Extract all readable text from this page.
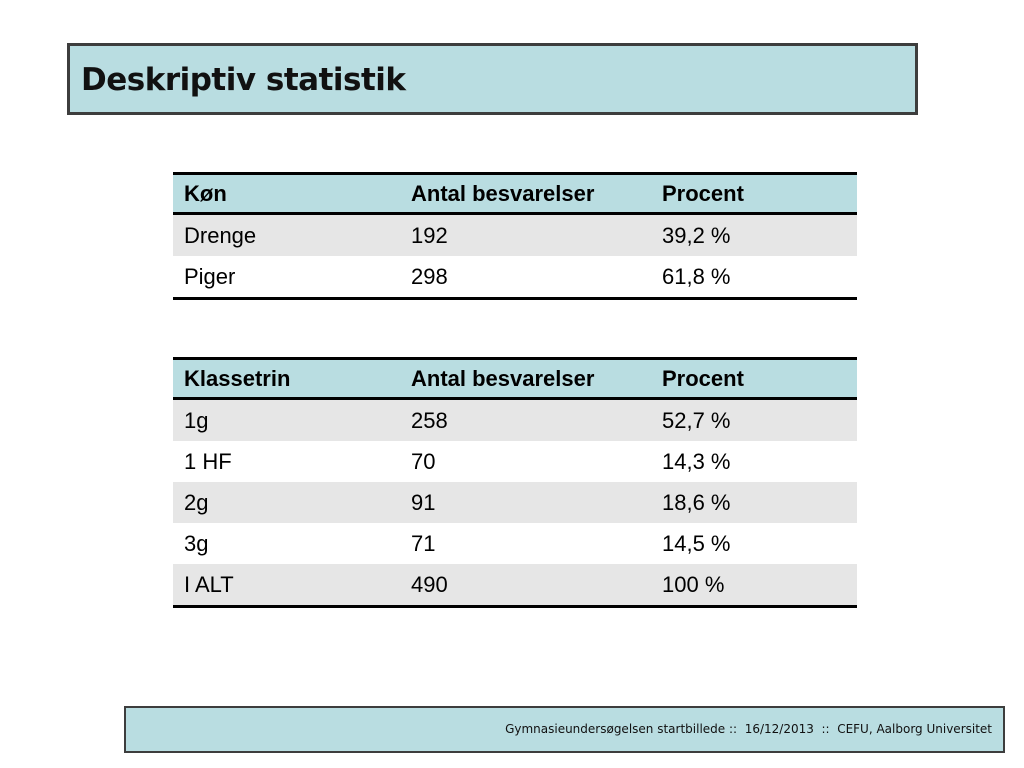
Deskriptiv statistik
Køn	Antal besvarelser	Procent
Drenge	192	39,2 %
Piger	298	61,8 %
Klassetrin	Antal besvarelser	Procent
1g	258	52,7 %
1 HF	70	14,3 %
2g	91	18,6 %
3g	71	14,5 %
I ALT	490	100 %
Gymnasieundersøgelsen startbillede ::  16/12/2013  ::  CEFU, Aalborg Universitet
